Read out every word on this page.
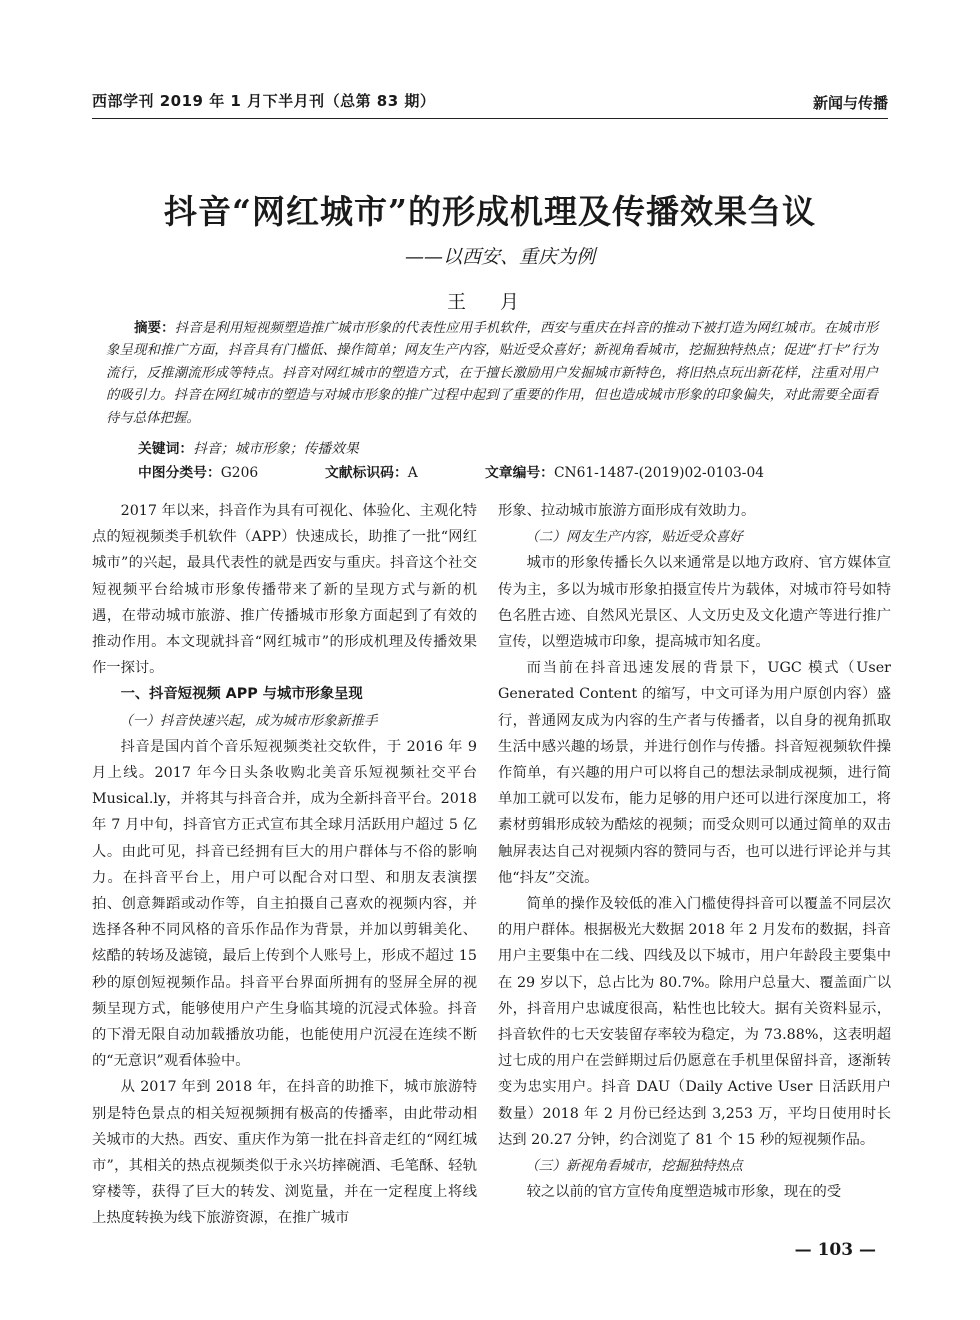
西部学刊 2019 年 1 月下半月刊（总第 83 期）	新闻与传播
抖音“网红城市”的形成机理及传播效果刍议
——以西安、重庆为例
王 月
摘要：抖音是利用短视频塑造推广城市形象的代表性应用手机软件，西安与重庆在抖音的推动下被打造为网红城市。在城市形象呈现和推广方面，抖音具有门槛低、操作简单；网友生产内容，贴近受众喜好；新视角看城市，挖掘独特热点；促进“打卡”行为流行，反推潮流形成等特点。抖音对网红城市的塑造方式，在于擅长激励用户发掘城市新特色，将旧热点玩出新花样，注重对用户的吸引力。抖音在网红城市的塑造与对城市形象的推广过程中起到了重要的作用，但也造成城市形象的印象偏失，对此需要全面看待与总体把握。
关键词：抖音；城市形象；传播效果
中图分类号：G206	文献标识码：A	文章编号：CN61-1487-(2019)02-0103-04

2017 年以来，抖音作为具有可视化、体验化、主观化特点的短视频类手机软件（APP）快速成长，助推了一批“网红城市”的兴起，最具代表性的就是西安与重庆。抖音这个社交短视频平台给城市形象传播带来了新的呈现方式与新的机遇，在带动城市旅游、推广传播城市形象方面起到了有效的推动作用。本文现就抖音“网红城市”的形成机理及传播效果作一探讨。

一、抖音短视频 APP 与城市形象呈现
（一）抖音快速兴起，成为城市形象新推手

抖音是国内首个音乐短视频类社交软件，于 2016 年 9 月上线。2017 年今日头条收购北美音乐短视频社交平台 Musical.ly，并将其与抖音合并，成为全新抖音平台。2018 年 7 月中旬，抖音官方正式宣布其全球月活跃用户超过 5 亿人。由此可见，抖音已经拥有巨大的用户群体与不俗的影响力。在抖音平台上，用户可以配合对口型、和朋友表演摆拍、创意舞蹈或动作等，自主拍摄自己喜欢的视频内容，并选择各种不同风格的音乐作品作为背景，并加以剪辑美化、炫酷的转场及滤镜，最后上传到个人账号上，形成不超过 15 秒的原创短视频作品。抖音平台界面所拥有的竖屏全屏的视频呈现方式，能够使用户产生身临其境的沉浸式体验。抖音的下滑无限自动加载播放功能，也能使用户沉浸在连续不断的“无意识”观看体验中。

从 2017 年到 2018 年，在抖音的助推下，城市旅游特别是特色景点的相关短视频拥有极高的传播率，由此带动相关城市的大热。西安、重庆作为第一批在抖音走红的“网红城市”，其相关的热点视频类似于永兴坊摔碗酒、毛笔酥、轻轨穿楼等，获得了巨大的转发、浏览量，并在一定程度上将线上热度转换为线下旅游资源，在推广城市

形象、拉动城市旅游方面形成有效助力。

（二）网友生产内容，贴近受众喜好

城市的形象传播长久以来通常是以地方政府、官方媒体宣传为主，多以为城市形象拍摄宣传片为载体，对城市符号如特色名胜古迹、自然风光景区、人文历史及文化遗产等进行推广宣传，以塑造城市印象，提高城市知名度。

而当前在抖音迅速发展的背景下，UGC 模式（User Generated Content 的缩写，中文可译为用户原创内容）盛行，普通网友成为内容的生产者与传播者，以自身的视角抓取生活中感兴趣的场景，并进行创作与传播。抖音短视频软件操作简单，有兴趣的用户可以将自己的想法录制成视频，进行简单加工就可以发布，能力足够的用户还可以进行深度加工，将素材剪辑形成较为酷炫的视频；而受众则可以通过简单的双击触屏表达自己对视频内容的赞同与否，也可以进行评论并与其他“抖友”交流。

简单的操作及较低的准入门槛使得抖音可以覆盖不同层次的用户群体。根据极光大数据 2018 年 2 月发布的数据，抖音用户主要集中在二线、四线及以下城市，用户年龄段主要集中在 29 岁以下，总占比为 80.7%。除用户总量大、覆盖面广以外，抖音用户忠诚度很高，粘性也比较大。据有关资料显示，抖音软件的七天安装留存率较为稳定，为 73.88%，这表明超过七成的用户在尝鲜期过后仍愿意在手机里保留抖音，逐渐转变为忠实用户。抖音 DAU（Daily Active User 日活跃用户数量）2018 年 2 月份已经达到 3,253 万，平均日使用时长达到 20.27 分钟，约合浏览了 81 个 15 秒的短视频作品。

（三）新视角看城市，挖掘独特热点

较之以前的官方宣传角度塑造城市形象，现在的受

— 103 —
